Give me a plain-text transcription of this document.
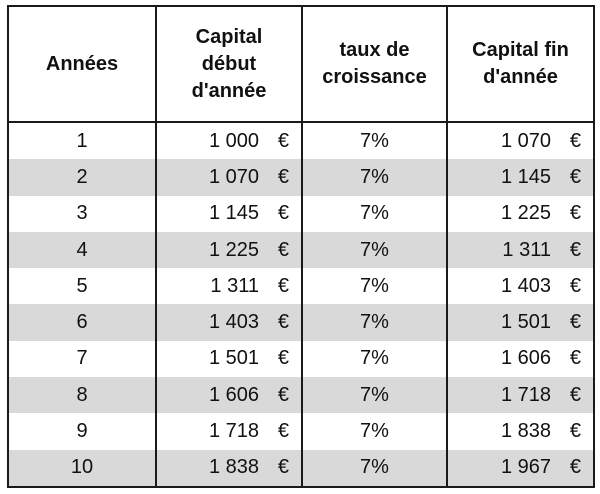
Années	Capital début d'année	taux de croissance	Capital fin d'année
1	1 000 €	7%	1 070 €
2	1 070 €	7%	1 145 €
3	1 145 €	7%	1 225 €
4	1 225 €	7%	1 311 €
5	1 311 €	7%	1 403 €
6	1 403 €	7%	1 501 €
7	1 501 €	7%	1 606 €
8	1 606 €	7%	1 718 €
9	1 718 €	7%	1 838 €
10	1 838 €	7%	1 967 €
